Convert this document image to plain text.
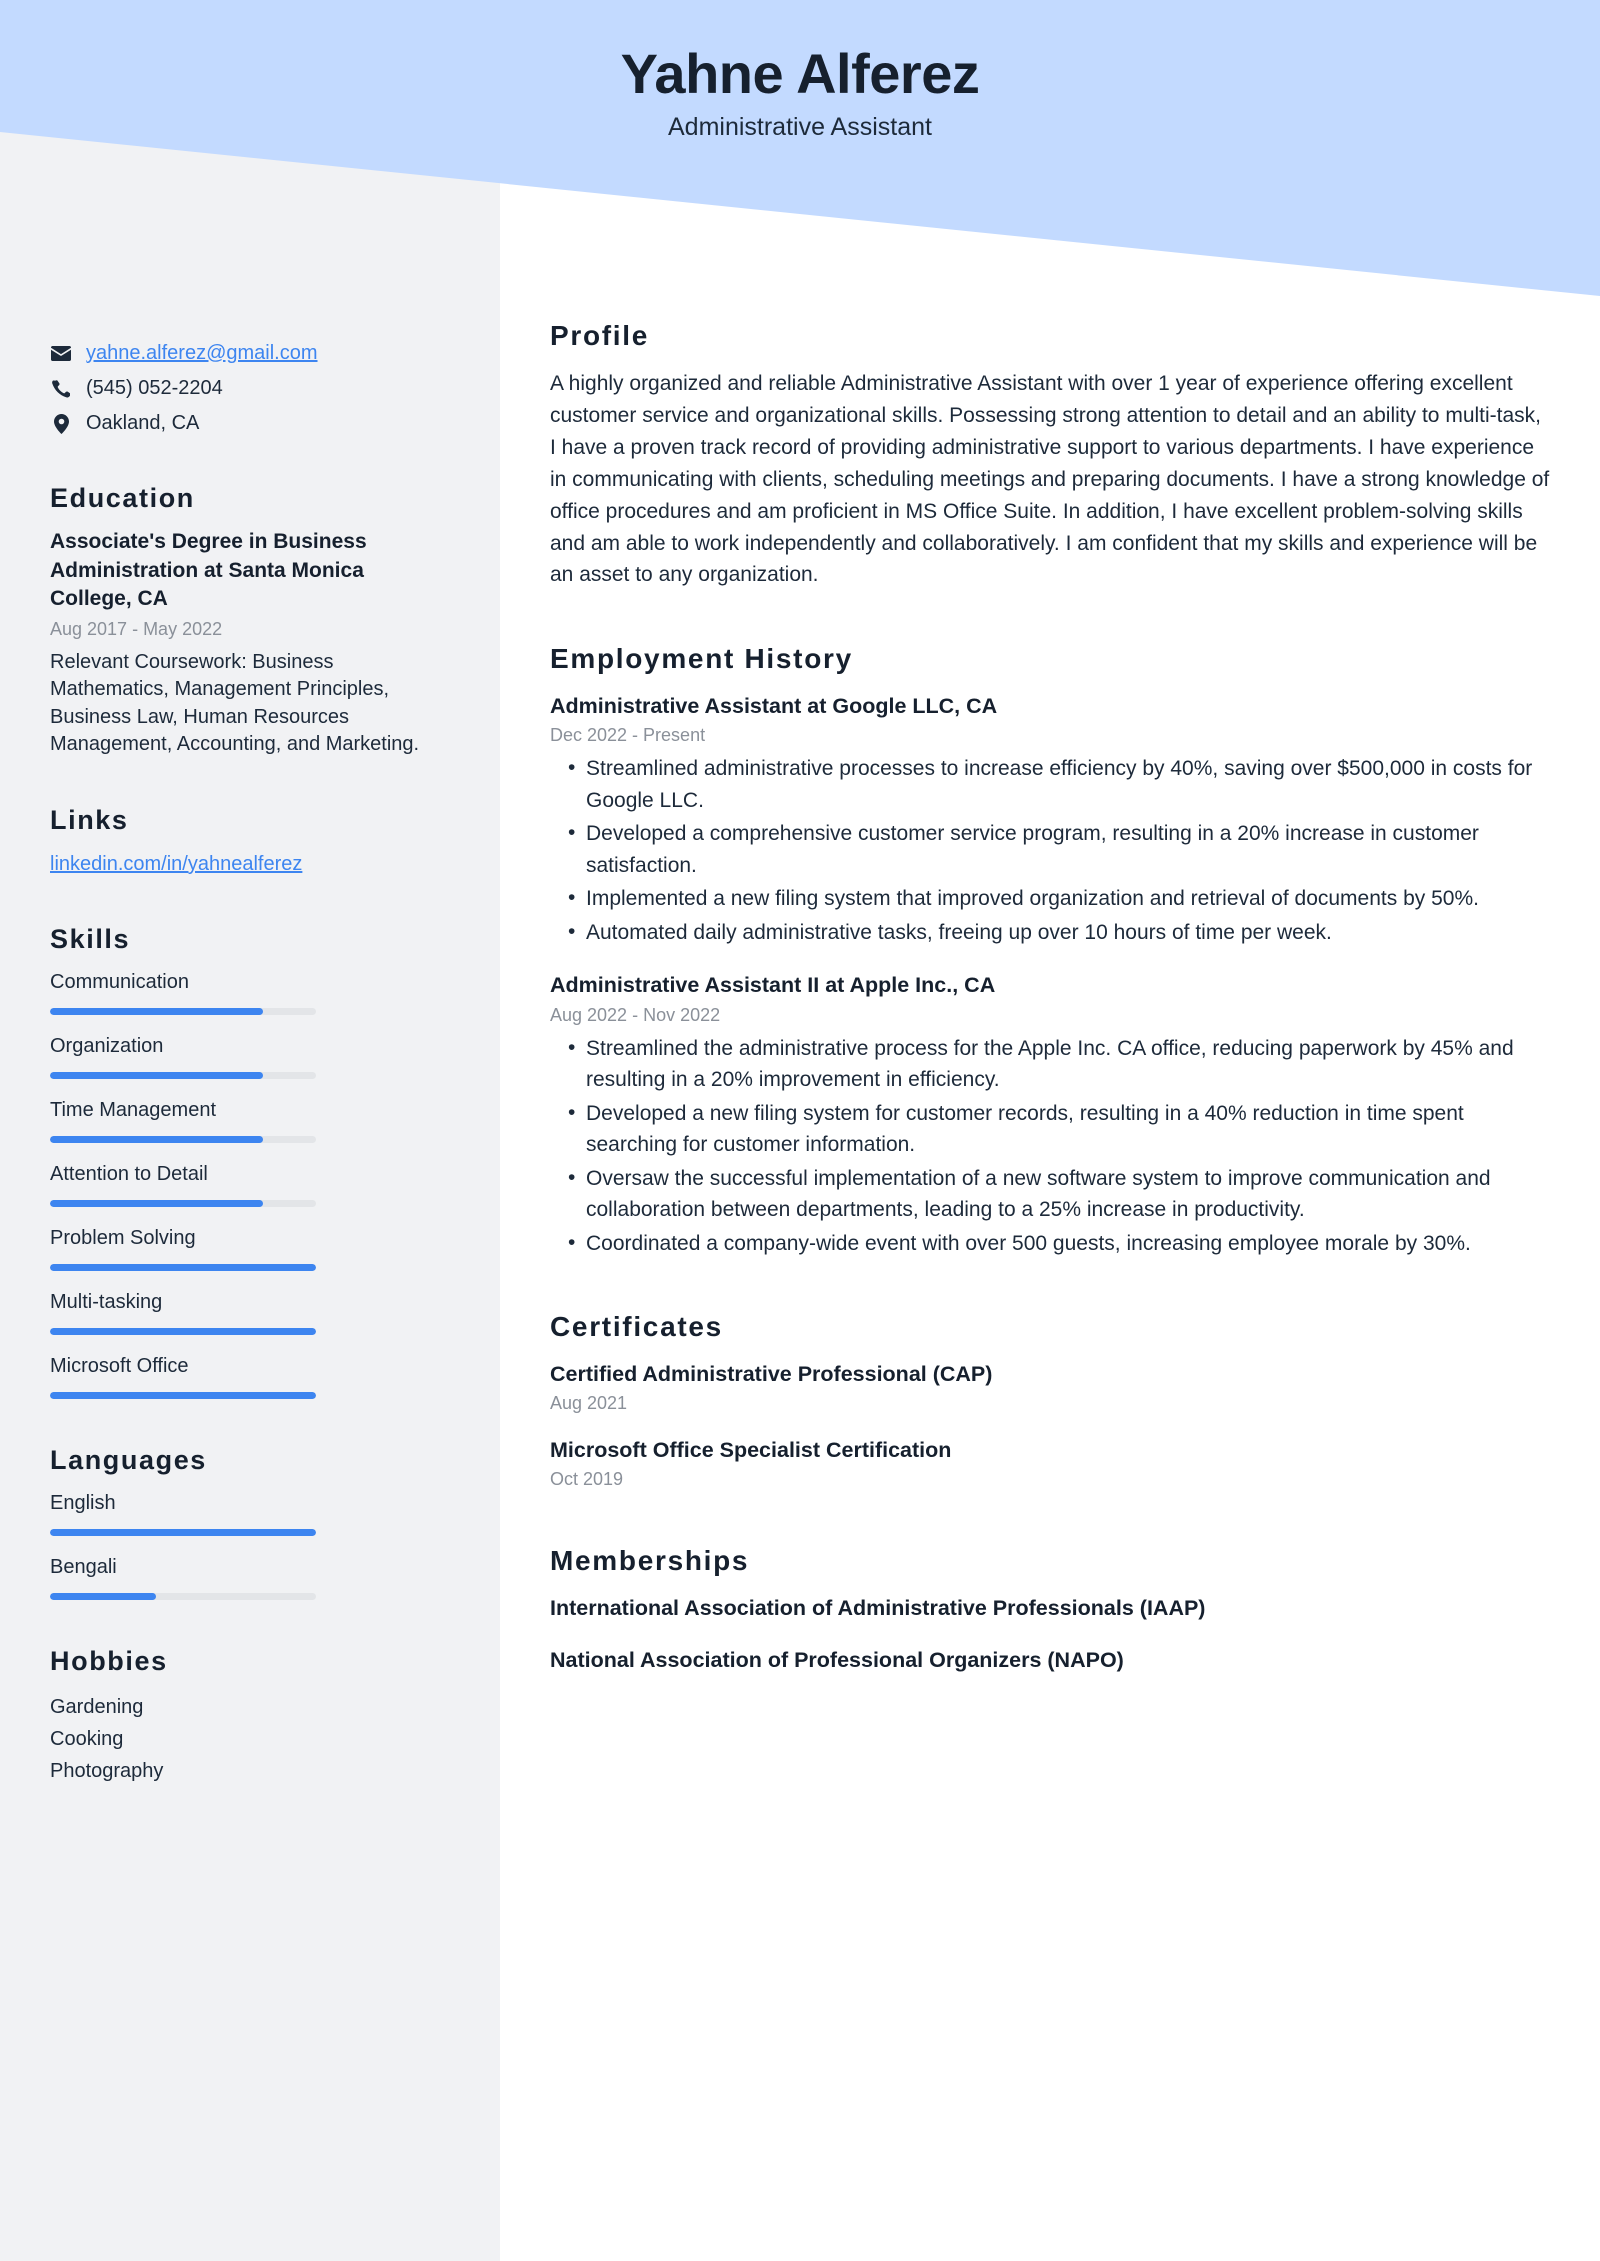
Yahne Alferez
Administrative Assistant
yahne.alferez@gmail.com
(545) 052-2204
Oakland, CA
Education
Associate's Degree in Business Administration at Santa Monica College, CA
Aug 2017 - May 2022
Relevant Coursework: Business Mathematics, Management Principles, Business Law, Human Resources Management, Accounting, and Marketing.
Links
linkedin.com/in/yahnealferez
Skills
Communication
Organization
Time Management
Attention to Detail
Problem Solving
Multi-tasking
Microsoft Office
Languages
English
Bengali
Hobbies
Gardening
Cooking
Photography
Profile
A highly organized and reliable Administrative Assistant with over 1 year of experience offering excellent customer service and organizational skills. Possessing strong attention to detail and an ability to multi-task, I have a proven track record of providing administrative support to various departments. I have experience in communicating with clients, scheduling meetings and preparing documents. I have a strong knowledge of office procedures and am proficient in MS Office Suite. In addition, I have excellent problem-solving skills and am able to work independently and collaboratively. I am confident that my skills and experience will be an asset to any organization.
Employment History
Administrative Assistant at Google LLC, CA
Dec 2022 - Present
• Streamlined administrative processes to increase efficiency by 40%, saving over $500,000 in costs for Google LLC.
• Developed a comprehensive customer service program, resulting in a 20% increase in customer satisfaction.
• Implemented a new filing system that improved organization and retrieval of documents by 50%.
• Automated daily administrative tasks, freeing up over 10 hours of time per week.
Administrative Assistant II at Apple Inc., CA
Aug 2022 - Nov 2022
• Streamlined the administrative process for the Apple Inc. CA office, reducing paperwork by 45% and resulting in a 20% improvement in efficiency.
• Developed a new filing system for customer records, resulting in a 40% reduction in time spent searching for customer information.
• Oversaw the successful implementation of a new software system to improve communication and collaboration between departments, leading to a 25% increase in productivity.
• Coordinated a company-wide event with over 500 guests, increasing employee morale by 30%.
Certificates
Certified Administrative Professional (CAP)
Aug 2021
Microsoft Office Specialist Certification
Oct 2019
Memberships
International Association of Administrative Professionals (IAAP)
National Association of Professional Organizers (NAPO)
